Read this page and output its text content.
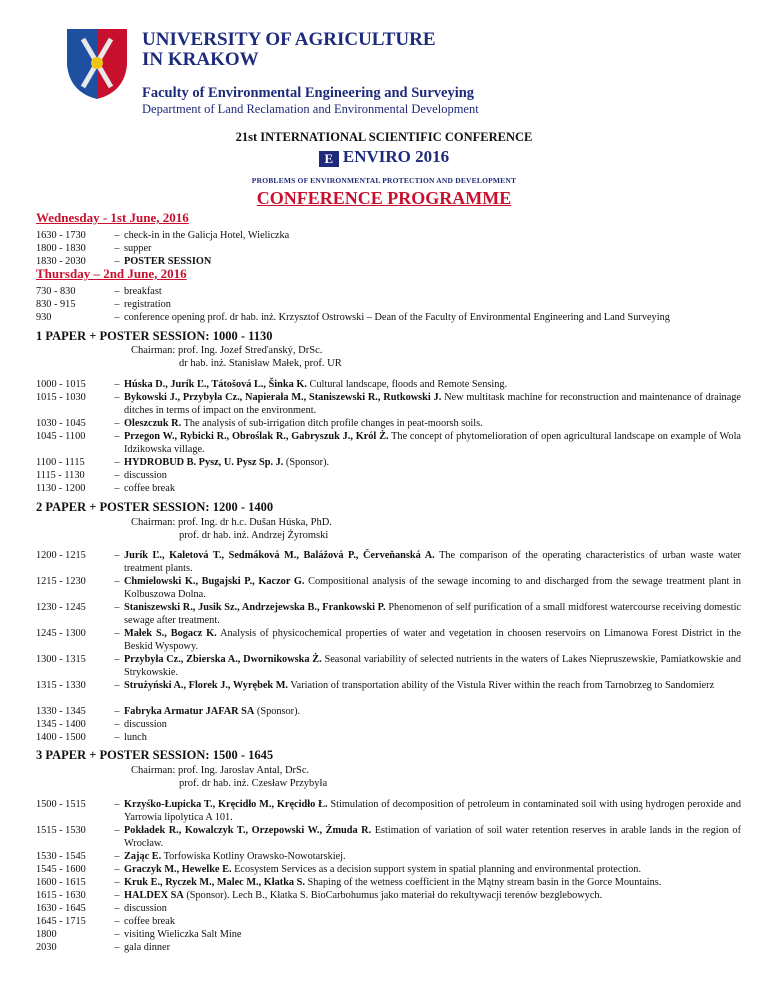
UNIVERSITY OF AGRICULTURE
IN KRAKOW
Faculty of Environmental Engineering and Surveying
Department of Land Reclamation and Environmental Development
21st INTERNATIONAL SCIENTIFIC CONFERENCE
E ENVIRO 2016
PROBLEMS OF ENVIRONMENTAL PROTECTION AND DEVELOPMENT
CONFERENCE PROGRAMME
Wednesday - 1st June, 2016
1630 - 1730	– check-in in the Galicja Hotel, Wieliczka
1800 - 1830	– supper
1830 - 2030	– POSTER SESSION
Thursday – 2nd June, 2016
730 - 830	– breakfast
830 - 915	– registration
930	– conference opening prof. dr hab. inż. Krzysztof Ostrowski – Dean of the Faculty of Environmental Engineering and Land Surveying
1 PAPER + POSTER SESSION: 1000 - 1130
Chairman: prof. Ing. Jozef Streďanský, DrSc.
dr hab. inż. Stanisław Małek, prof. UR
1000 - 1015	– Húska D., Jurík Ľ., Tátošová L., Šinka K. Cultural landscape, floods and Remote Sensing.
1015 - 1030	– Bykowski J., Przybyła Cz., Napierała M., Staniszewski R., Rutkowski J. New multitask machine for reconstruction and maintenance of drainage ditches in terms of impact on the environment.
1030 - 1045	– Oleszczuk R. The analysis of sub-irrigation ditch profile changes in peat-moorsh soils.
1045 - 1100	– Przegon W., Rybicki R., Obroślak R., Gabryszuk J., Król Ż. The concept of phytomelioration of open agricultural landscape on example of Wola Idzikowska village.
1100 - 1115	– HYDROBUD B. Pysz, U. Pysz Sp. J. (Sponsor).
1115 - 1130	– discussion
1130 - 1200	– coffee break
2 PAPER + POSTER SESSION: 1200 - 1400
Chairman: prof. Ing. dr h.c. Dušan Húska, PhD.
prof. dr hab. inż. Andrzej Żyromski
1200 - 1215	– Jurík Ľ., Kaletová T., Sedmáková M., Balážová P., Červeňanská A. The comparison of the operating characteristics of urban waste water treatment plants.
1215 - 1230	– Chmielowski K., Bugajski P., Kaczor G. Compositional analysis of the sewage incoming to and discharged from the sewage treatment plant in Kolbuszowa Dolna.
1230 - 1245	– Staniszewski R., Jusik Sz., Andrzejewska B., Frankowski P. Phenomenon of self purification of a small midforest watercourse receiving domestic sewage after treatment.
1245 - 1300	– Małek S., Bogacz K. Analysis of physicochemical properties of water and vegetation in choosen reservoirs on Limanowa Forest District in the Beskid Wyspowy.
1300 - 1315	– Przybyła Cz., Zbierska A., Dwornikowska Ż. Seasonal variability of selected nutrients in the waters of Lakes Niepruszewskie, Pamiatkowskie and Strykowskie.
1315 - 1330	– Strużyński A., Florek J., Wyrębek M. Variation of transportation ability of the Vistula River within the reach from Tarnobrzeg to Sandomierz
1330 - 1345	– Fabryka Armatur JAFAR SA (Sponsor).
1345 - 1400	– discussion
1400 - 1500	– lunch
3 PAPER + POSTER SESSION: 1500 - 1645
Chairman: prof. Ing. Jaroslav Antal, DrSc.
prof. dr hab. inż. Czesław Przybyła
1500 - 1515	– Krzyśko-Łupicka T., Kręcidło M., Kręcidło Ł. Stimulation of decomposition of petroleum in contaminated soil with using hydrogen peroxide and Yarrowia lipolytica A 101.
1515 - 1530	– Pokładek R., Kowalczyk T., Orzepowski W., Żmuda R. Estimation of variation of soil water retention reserves in arable lands in the region of Wrocław.
1530 - 1545	– Zając E. Torfowiska Kotliny Orawsko-Nowotarskiej.
1545 - 1600	– Graczyk M., Hewelke E. Ecosystem Services as a decision support system in spatial planning and environmental protection.
1600 - 1615	– Kruk E., Ryczek M., Malec M., Kłatka S. Shaping of the wetness coefficient in the Mątny stream basin in the Gorce Mountains.
1615 - 1630	– HALDEX SA (Sponsor). Lech B., Kłatka S. BioCarbohumus jako materiał do rekultywacji terenów bezglebowych.
1630 - 1645	– discussion
1645 - 1715	– coffee break
1800	– visiting Wieliczka Salt Mine
2030	– gala dinner
